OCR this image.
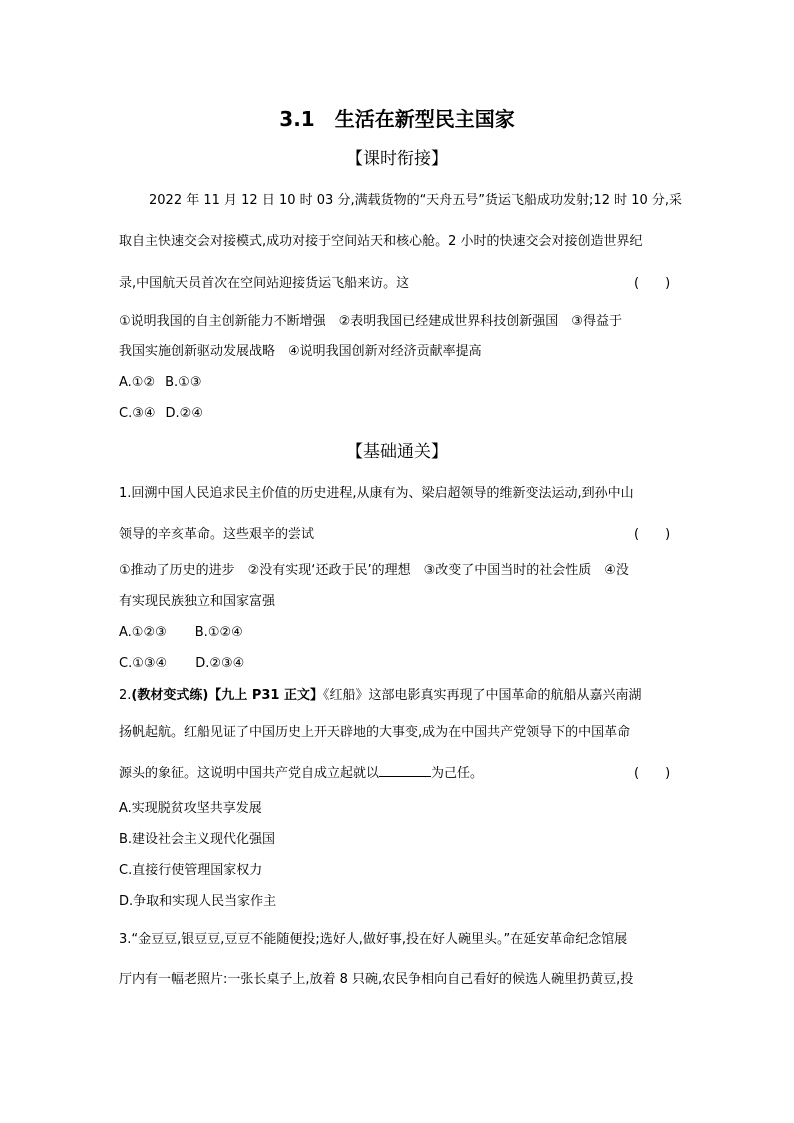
3.1　生活在新型民主国家
【课时衔接】
2022 年 11 月 12 日 10 时 03 分,满载货物的“天舟五号”货运飞船成功发射;12 时 10 分,采
取自主快速交会对接模式,成功对接于空间站天和核心舱。2 小时的快速交会对接创造世界纪
录,中国航天员首次在空间站迎接货运飞船来访。这	(　　)
①说明我国的自主创新能力不断增强　②表明我国已经建成世界科技创新强国　③得益于
我国实施创新驱动发展战略　④说明我国创新对经济贡献率提高
A.①② B.①③
C.③④ D.②④
【基础通关】
1.回溯中国人民追求民主价值的历史进程,从康有为、梁启超领导的维新变法运动,到孙中山
领导的辛亥革命。这些艰辛的尝试	(　　)
①推动了历史的进步　②没有实现‘还政于民’的理想　③改变了中国当时的社会性质　④没
有实现民族独立和国家富强
A.①②③ B.①②④
C.①③④ D.②③④
2.(教材变式练)【九上 P31 正文】《红船》这部电影真实再现了中国革命的航船从嘉兴南湖
扬帆起航。红船见证了中国历史上开天辟地的大事变,成为在中国共产党领导下的中国革命
源头的象征。这说明中国共产党自成立起就以	为己任。	(　　)
A.实现脱贫攻坚共享发展
B.建设社会主义现代化强国
C.直接行使管理国家权力
D.争取和实现人民当家作主
3.“金豆豆,银豆豆,豆豆不能随便投;选好人,做好事,投在好人碗里头。”在延安革命纪念馆展
厅内有一幅老照片:一张长桌子上,放着 8 只碗,农民争相向自己看好的候选人碗里扔黄豆,投
